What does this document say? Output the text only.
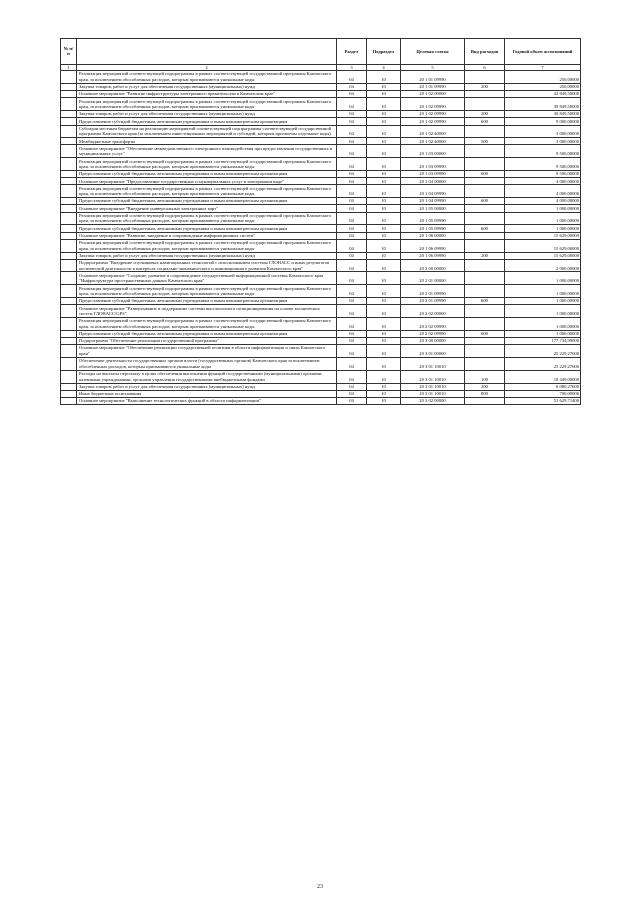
№ п/п		Раздел	Подраздел	Целевая статья	Вид расходов	Годовой объем ассигнований
1	2	3	4	5	6	7
	Реализация мероприятий соответствующей подпрограммы в рамках соответствующей государственной программы Камчатского края, за исключением обособленных расходов, которым присваиваются уникальные коды	04	10	20 1 01 09990		250,00000
	Закупка товаров, работ и услуг для обеспечения государственных (муниципальных) нужд	04	10	20 1 01 09990	200	250,00000
	Основное мероприятие "Развитие инфраструктуры электронного правительства в Камчатском крае"	04	10	20 1 02 00000		42 849,50000
	Реализация мероприятий соответствующей подпрограммы в рамках соответствующей государственной программы Камчатского края, за исключением обособленных расходов, которым присваиваются уникальные коды	04	10	20 1 02 09990		39 849,50000
	Закупка товаров, работ и услуг для обеспечения государственных (муниципальных) нужд	04	10	20 1 02 09990	200	30 849,50000
	Предоставление субсидий бюджетным, автономным учреждениям и иным некоммерческим организациям	04	10	20 1 02 09990	600	9 000,00000
	Субсидии местным бюджетам на реализацию мероприятий соответствующей подпрограммы соответствующей государственной программы Камчатского края (за исключением инвестиционных мероприятий и субсидий, которым присвоены отдельные коды)	04	10	20 1 02 40000		3 000,00000
	Межбюджетные трансферты	04	10	20 1 02 40000	500	3 000,00000
	Основное мероприятие "Обеспечение межведомственного электронного взаимодействия при предоставлении государственных и муниципальных услуг"	04	10	20 1 03 00000		9 500,00000
	Реализация мероприятий соответствующей подпрограммы в рамках соответствующей государственной программы Камчатского края, за исключением обособленных расходов, которым присваиваются уникальные коды	04	10	20 1 03 09990		9 500,00000
	Предоставление субсидий бюджетным, автономным учреждениям и иным некоммерческим организациям	04	10	20 1 03 09990	600	9 500,00000
	Основное мероприятие "Предоставление государственных и муниципальных услуг в электронном виде"	04	10	20 1 04 00000		4 000,00000
	Реализация мероприятий соответствующей подпрограммы в рамках соответствующей государственной программы Камчатского края, за исключением обособленных расходов, которым присваиваются уникальные коды	04	10	20 1 04 09990		4 000,00000
	Предоставление субсидий бюджетным, автономным учреждениям и иным некоммерческим организациям	04	10	20 1 04 09990	600	4 000,00000
	Основное мероприятие "Внедрение универсальных электронных карт"	04	10	20 1 05 00000		1 000,00000
	Реализация мероприятий соответствующей подпрограммы в рамках соответствующей государственной программы Камчатского края, за исключением обособленных расходов, которым присваиваются уникальные коды	04	10	20 1 05 09990		1 000,00000
	Предоставление субсидий бюджетным, автономным учреждениям и иным некоммерческим организациям	04	10	20 1 05 09990	600	1 000,00000
	Основное мероприятие "Развитие, внедрение и сопровождение информационных систем"	04	10	20 1 06 00000		15 629,00000
	Реализация мероприятий соответствующей подпрограммы в рамках соответствующей государственной программы Камчатского края, за исключением обособленных расходов, которым присваиваются уникальные коды	04	10	20 1 06 09990		15 629,00000
	Закупка товаров, работ и услуг для обеспечения государственных (муниципальных) нужд	04	10	20 1 06 09990	200	15 629,00000
	Подпрограмма "Внедрение спутниковых навигационных технологий с использованием системы ГЛОНАСС и иных результатов космической деятельности в интересах социально-экономического и инновационного развития Камчатского края"	04	10	20 2 00 00000		2 000,00000
	Основное мероприятие "Создание, развитие и сопровождение государственной информационной системы Камчатского края "Инфраструктура пространственных данных Камчатского края"	04	10	20 2 01 00000		1 000,00000
	Реализация мероприятий соответствующей подпрограммы в рамках соответствующей государственной программы Камчатского края, за исключением обособленных расходов, которым присваиваются уникальные коды	04	10	20 2 01 09990		1 000,00000
	Предоставление субсидий бюджетным, автономным учреждениям и иным некоммерческим организациям	04	10	20 2 01 09990	600	1 000,00000
	Основное мероприятие "Развертывание и поддержание системы высокоточного позиционирования на основе космических систем ГЛОНАСС/GPS"	04	10	20 2 02 00000		1 000,00000
	Реализация мероприятий соответствующей подпрограммы в рамках соответствующей государственной программы Камчатского края, за исключением обособленных расходов, которым присваиваются уникальные коды	04	10	20 2 02 09990		1 000,00000
	Предоставление субсидий бюджетным, автономным учреждениям и иным некоммерческим организациям	04	10	20 2 02 09990	600	1 000,00000
	Подпрограмма "Обеспечение реализации государственной программы"	04	10	20 3 00 00000		177 734,99000
	Основное мероприятие "Обеспечение реализации государственной политики в области информатизации и связи Камчатского края"	04	10	20 3 01 00000		25 229,27600
	Обеспечение деятельности государственных органов власти (государственных органов) Камчатского края за исключением обособленных расходов, которым присваиваются уникальные коды	04	10	20 3 01 10010		25 229,27600
	Расходы на выплаты персоналу в целях обеспечения выполнения функций государственными (муниципальными) органами, казенными учреждениями, органами управления государственными внебюджетными фондами	04	10	20 3 01 10010	100	18 449,00000
	Закупка товаров, работ и услуг для обеспечения государственных (муниципальных) нужд	04	10	20 3 01 10010	200	6 080,27600
	Иные бюджетные ассигнования	04	10	20 3 01 10010	800	700,00000
	Основное мероприятие "Выполнение технологических функций в области информатизации"	04	10	20 3 02 00000		51 629,71400
23
